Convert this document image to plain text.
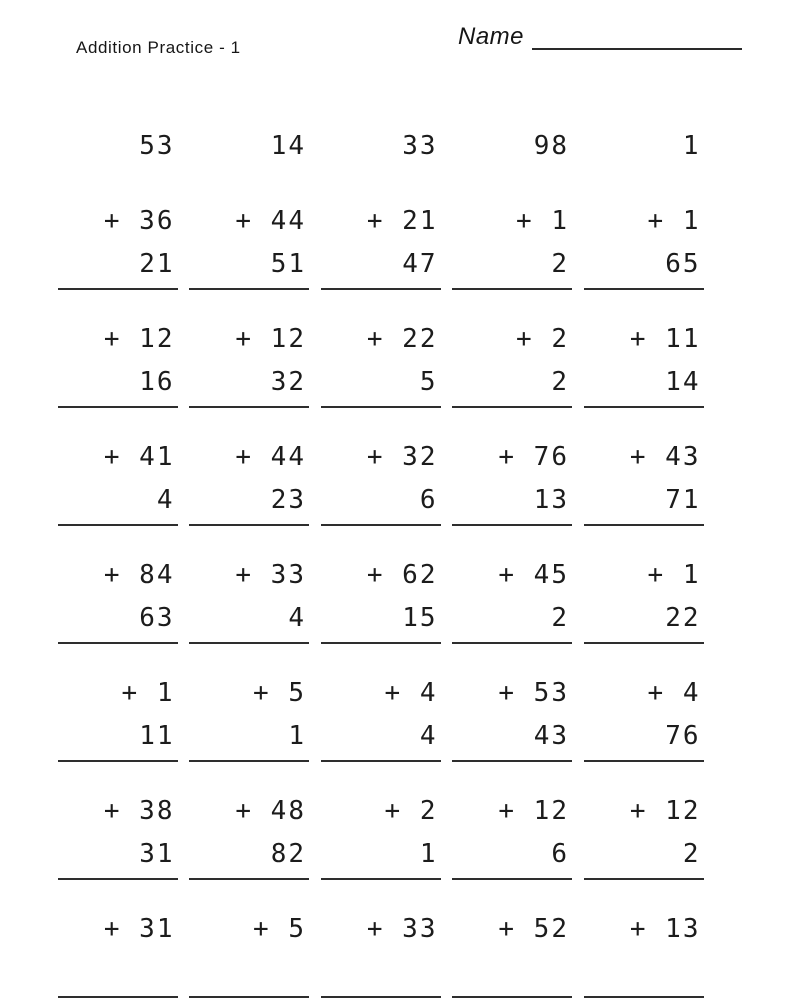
Addition Practice - 1	Name

53

+ 36

14

+ 44

33

+ 21

98

+ 1

1

+ 1

21

+ 12

51

+ 12

47

+ 22

2

+ 2

65

+ 11

16

+ 41

32

+ 44

5

+ 32

2

+ 76

14

+ 43

4

+ 84

23

+ 33

6

+ 62

13

+ 45

71

+ 1

63

+ 1

4

+ 5

15

+ 4

2

+ 53

22

+ 4

11

+ 38

1

+ 48

4

+ 2

43

+ 12

76

+ 12

31

+ 31

82

+ 5

1

+ 33

6

+ 52

2

+ 13
